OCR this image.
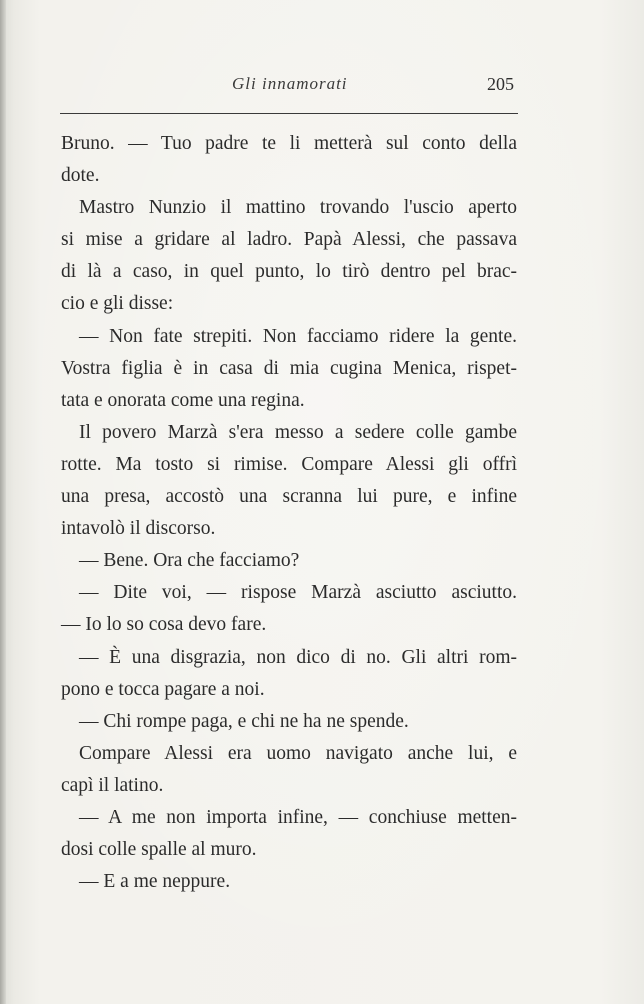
Gli innamorati	205
Bruno. — Tuo padre te li metterà sul conto della
dote.
Mastro Nunzio il mattino trovando l'uscio aperto
si mise a gridare al ladro. Papà Alessi, che passava
di là a caso, in quel punto, lo tirò dentro pel brac-
cio e gli disse:
— Non fate strepiti. Non facciamo ridere la gente.
Vostra figlia è in casa di mia cugina Menica, rispet-
tata e onorata come una regina.
Il povero Marzà s'era messo a sedere colle gambe
rotte. Ma tosto si rimise. Compare Alessi gli offrì
una presa, accostò una scranna lui pure, e infine
intavolò il discorso.
— Bene. Ora che facciamo?
— Dite voi, — rispose Marzà asciutto asciutto.
— Io lo so cosa devo fare.
— È una disgrazia, non dico di no. Gli altri rom-
pono e tocca pagare a noi.
— Chi rompe paga, e chi ne ha ne spende.
Compare Alessi era uomo navigato anche lui, e
capì il latino.
— A me non importa infine, — conchiuse metten-
dosi colle spalle al muro.
— E a me neppure.
